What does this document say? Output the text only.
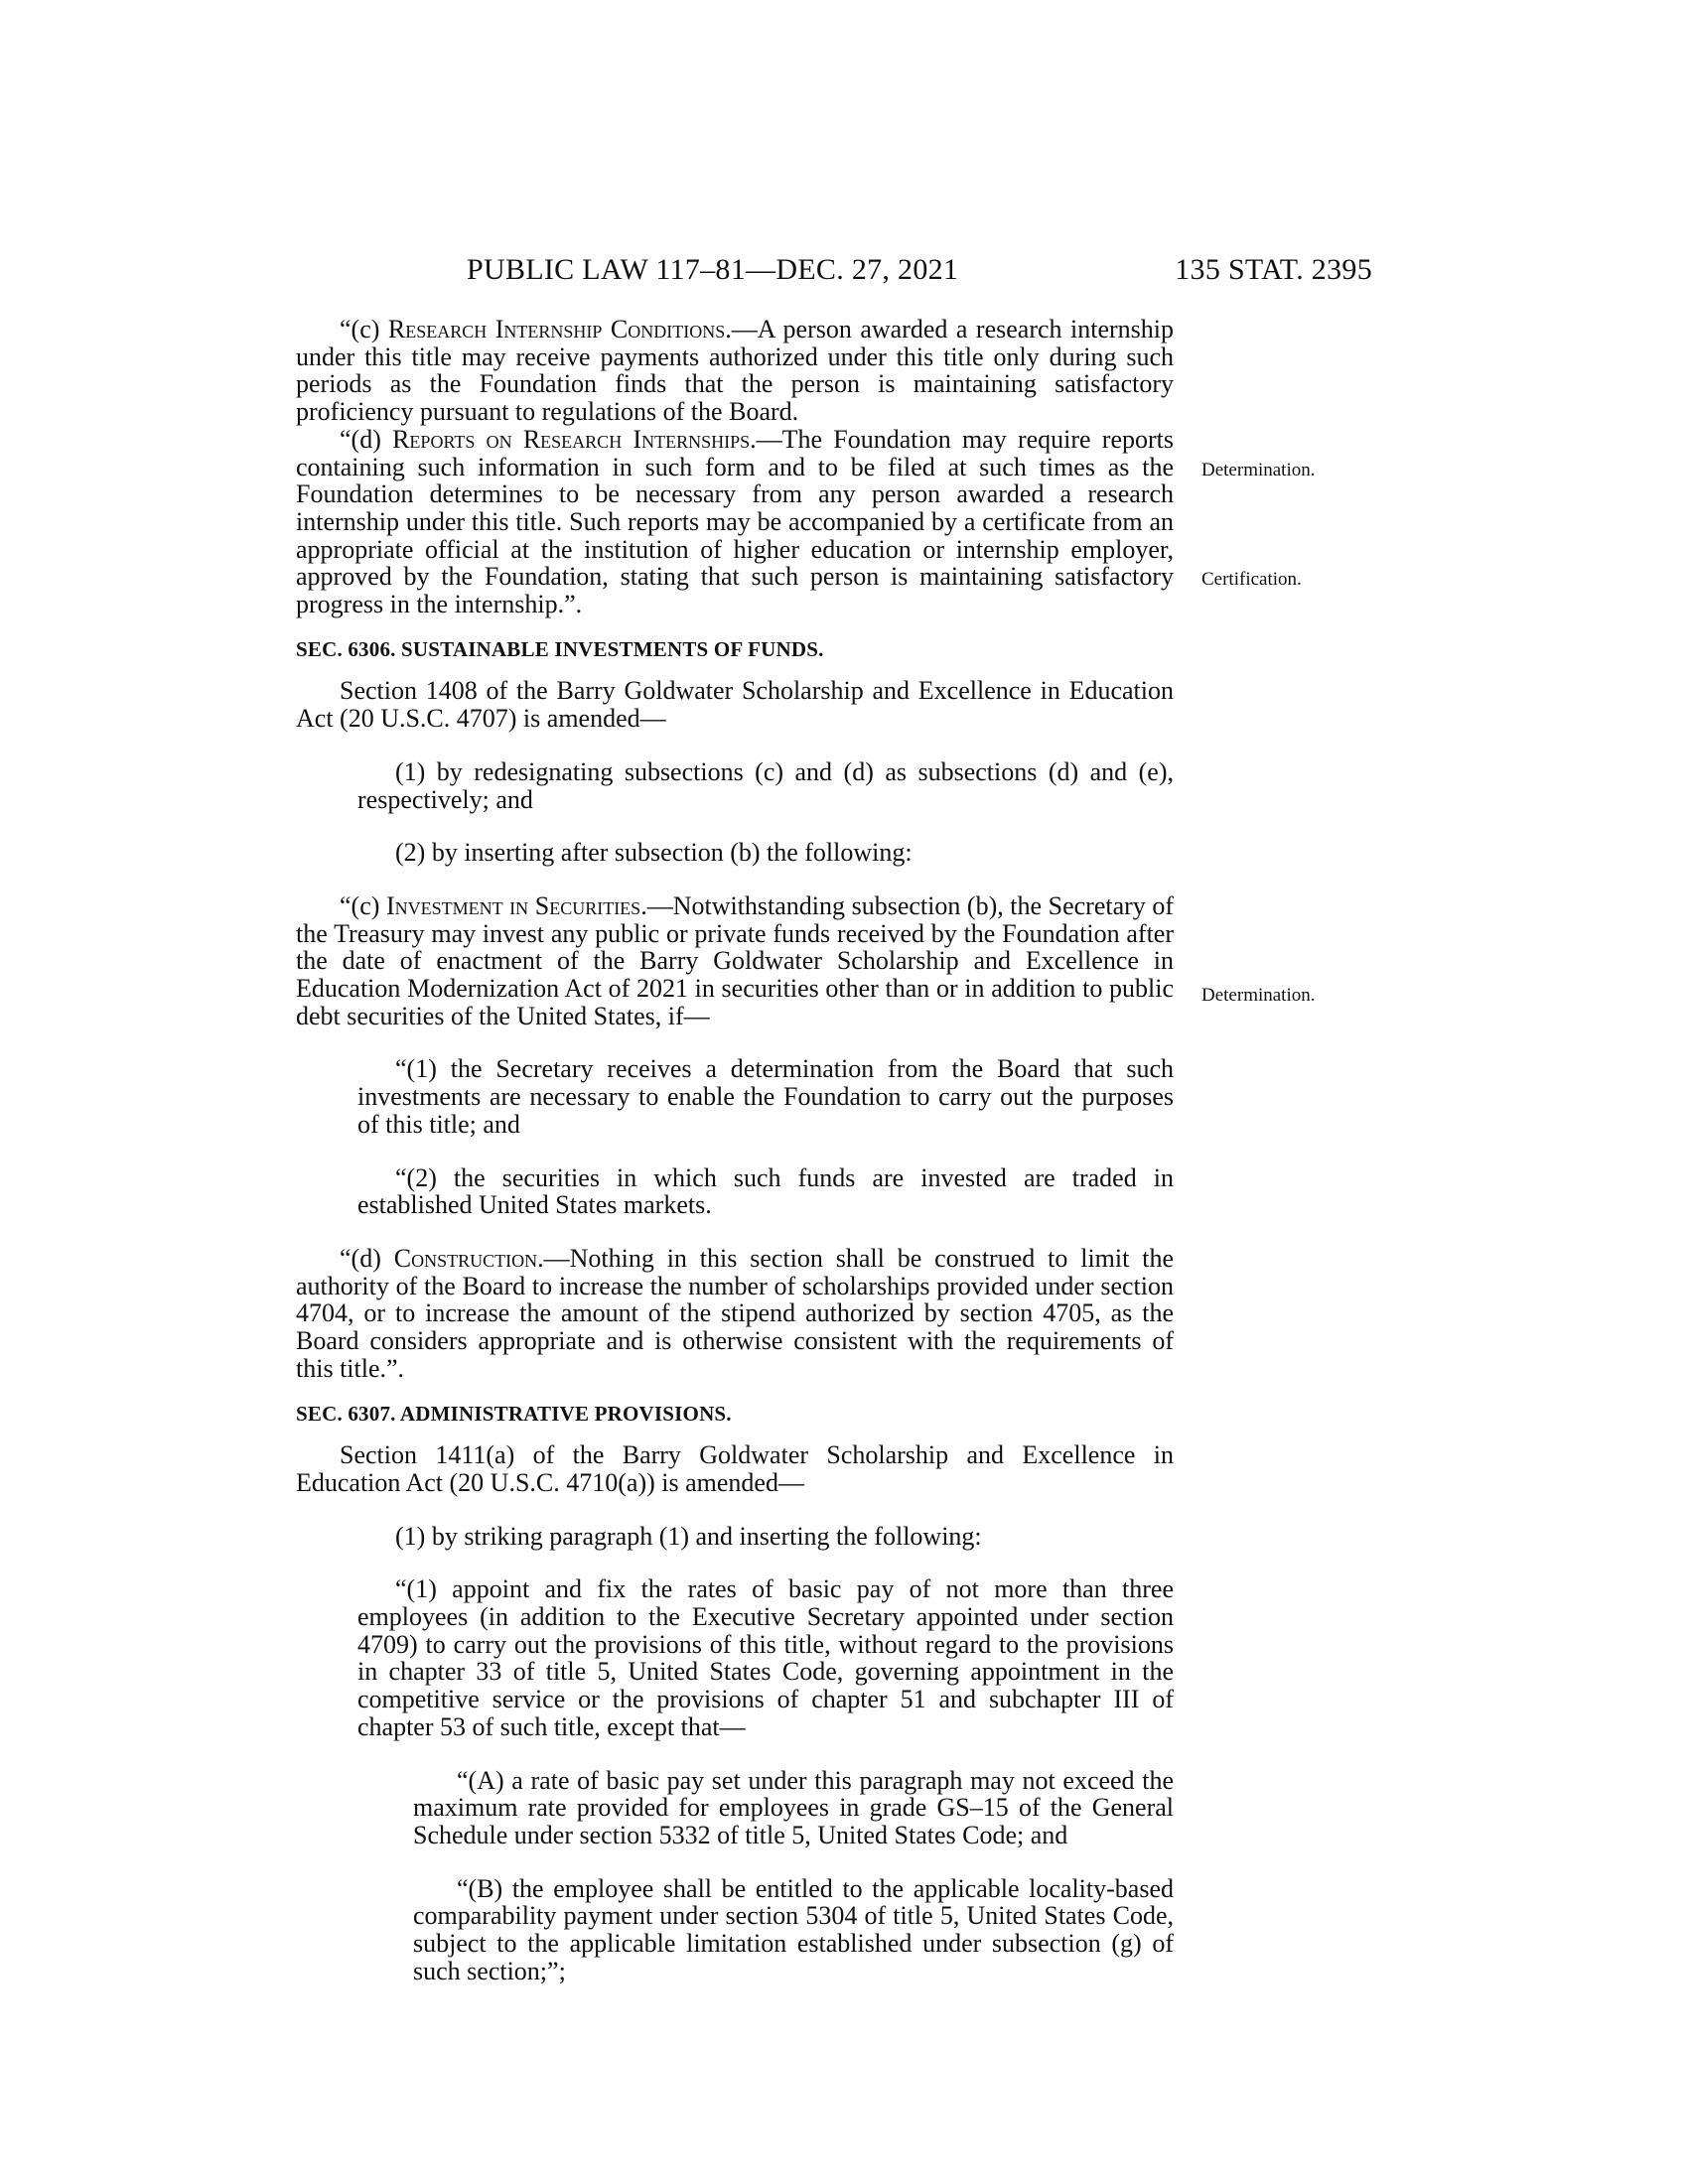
PUBLIC LAW 117–81—DEC. 27, 2021	135 STAT. 2395
Determination.
Certification.
Determination.

“(c) Research Internship Conditions.—A person awarded a research internship under this title may receive payments authorized under this title only during such periods as the Foundation finds that the person is maintaining satisfactory proficiency pursuant to regulations of the Board.

“(d) Reports on Research Internships.—The Foundation may require reports containing such information in such form and to be filed at such times as the Foundation determines to be necessary from any person awarded a research internship under this title. Such reports may be accompanied by a certificate from an appropriate official at the institution of higher education or internship employer, approved by the Foundation, stating that such person is maintaining satisfactory progress in the internship.”.

SEC. 6306. SUSTAINABLE INVESTMENTS OF FUNDS.

Section 1408 of the Barry Goldwater Scholarship and Excellence in Education Act (20 U.S.C. 4707) is amended—

(1) by redesignating subsections (c) and (d) as subsections (d) and (e), respectively; and

(2) by inserting after subsection (b) the following:

“(c) Investment in Securities.—Notwithstanding subsection (b), the Secretary of the Treasury may invest any public or private funds received by the Foundation after the date of enactment of the Barry Goldwater Scholarship and Excellence in Education Modernization Act of 2021 in securities other than or in addition to public debt securities of the United States, if—

“(1) the Secretary receives a determination from the Board that such investments are necessary to enable the Foundation to carry out the purposes of this title; and

“(2) the securities in which such funds are invested are traded in established United States markets.

“(d) Construction.—Nothing in this section shall be construed to limit the authority of the Board to increase the number of scholarships provided under section 4704, or to increase the amount of the stipend authorized by section 4705, as the Board considers appropriate and is otherwise consistent with the requirements of this title.”.

SEC. 6307. ADMINISTRATIVE PROVISIONS.

Section 1411(a) of the Barry Goldwater Scholarship and Excellence in Education Act (20 U.S.C. 4710(a)) is amended—

(1) by striking paragraph (1) and inserting the following:

“(1) appoint and fix the rates of basic pay of not more than three employees (in addition to the Executive Secretary appointed under section 4709) to carry out the provisions of this title, without regard to the provisions in chapter 33 of title 5, United States Code, governing appointment in the competitive service or the provisions of chapter 51 and subchapter III of chapter 53 of such title, except that—

“(A) a rate of basic pay set under this paragraph may not exceed the maximum rate provided for employees in grade GS–15 of the General Schedule under section 5332 of title 5, United States Code; and

“(B) the employee shall be entitled to the applicable locality-based comparability payment under section 5304 of title 5, United States Code, subject to the applicable limitation established under subsection (g) of such section;”;
